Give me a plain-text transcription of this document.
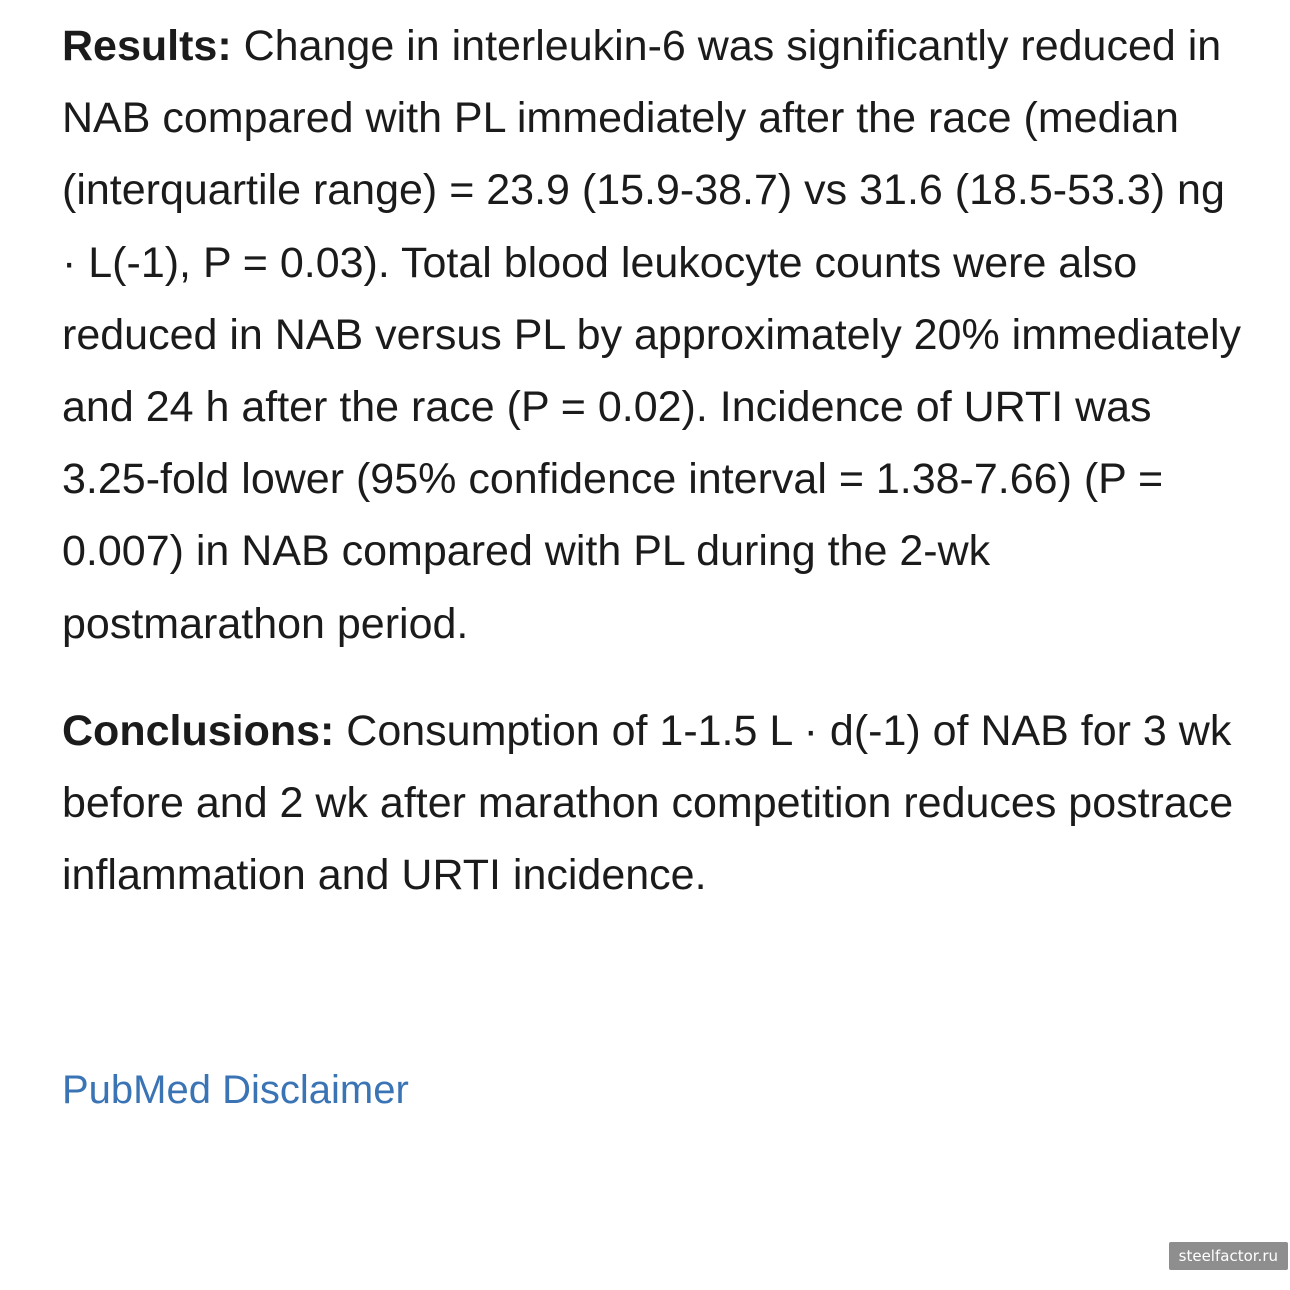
Results: Change in interleukin-6 was significantly reduced in NAB compared with PL immediately after the race (median (interquartile range) = 23.9 (15.9-38.7) vs 31.6 (18.5-53.3) ng · L(-1), P = 0.03). Total blood leukocyte counts were also reduced in NAB versus PL by approximately 20% immediately and 24 h after the race (P = 0.02). Incidence of URTI was 3.25-fold lower (95% confidence interval = 1.38-7.66) (P = 0.007) in NAB compared with PL during the 2-wk postmarathon period.

Conclusions: Consumption of 1-1.5 L · d(-1) of NAB for 3 wk before and 2 wk after marathon competition reduces postrace inflammation and URTI incidence.

PubMed Disclaimer
steelfactor.ru
